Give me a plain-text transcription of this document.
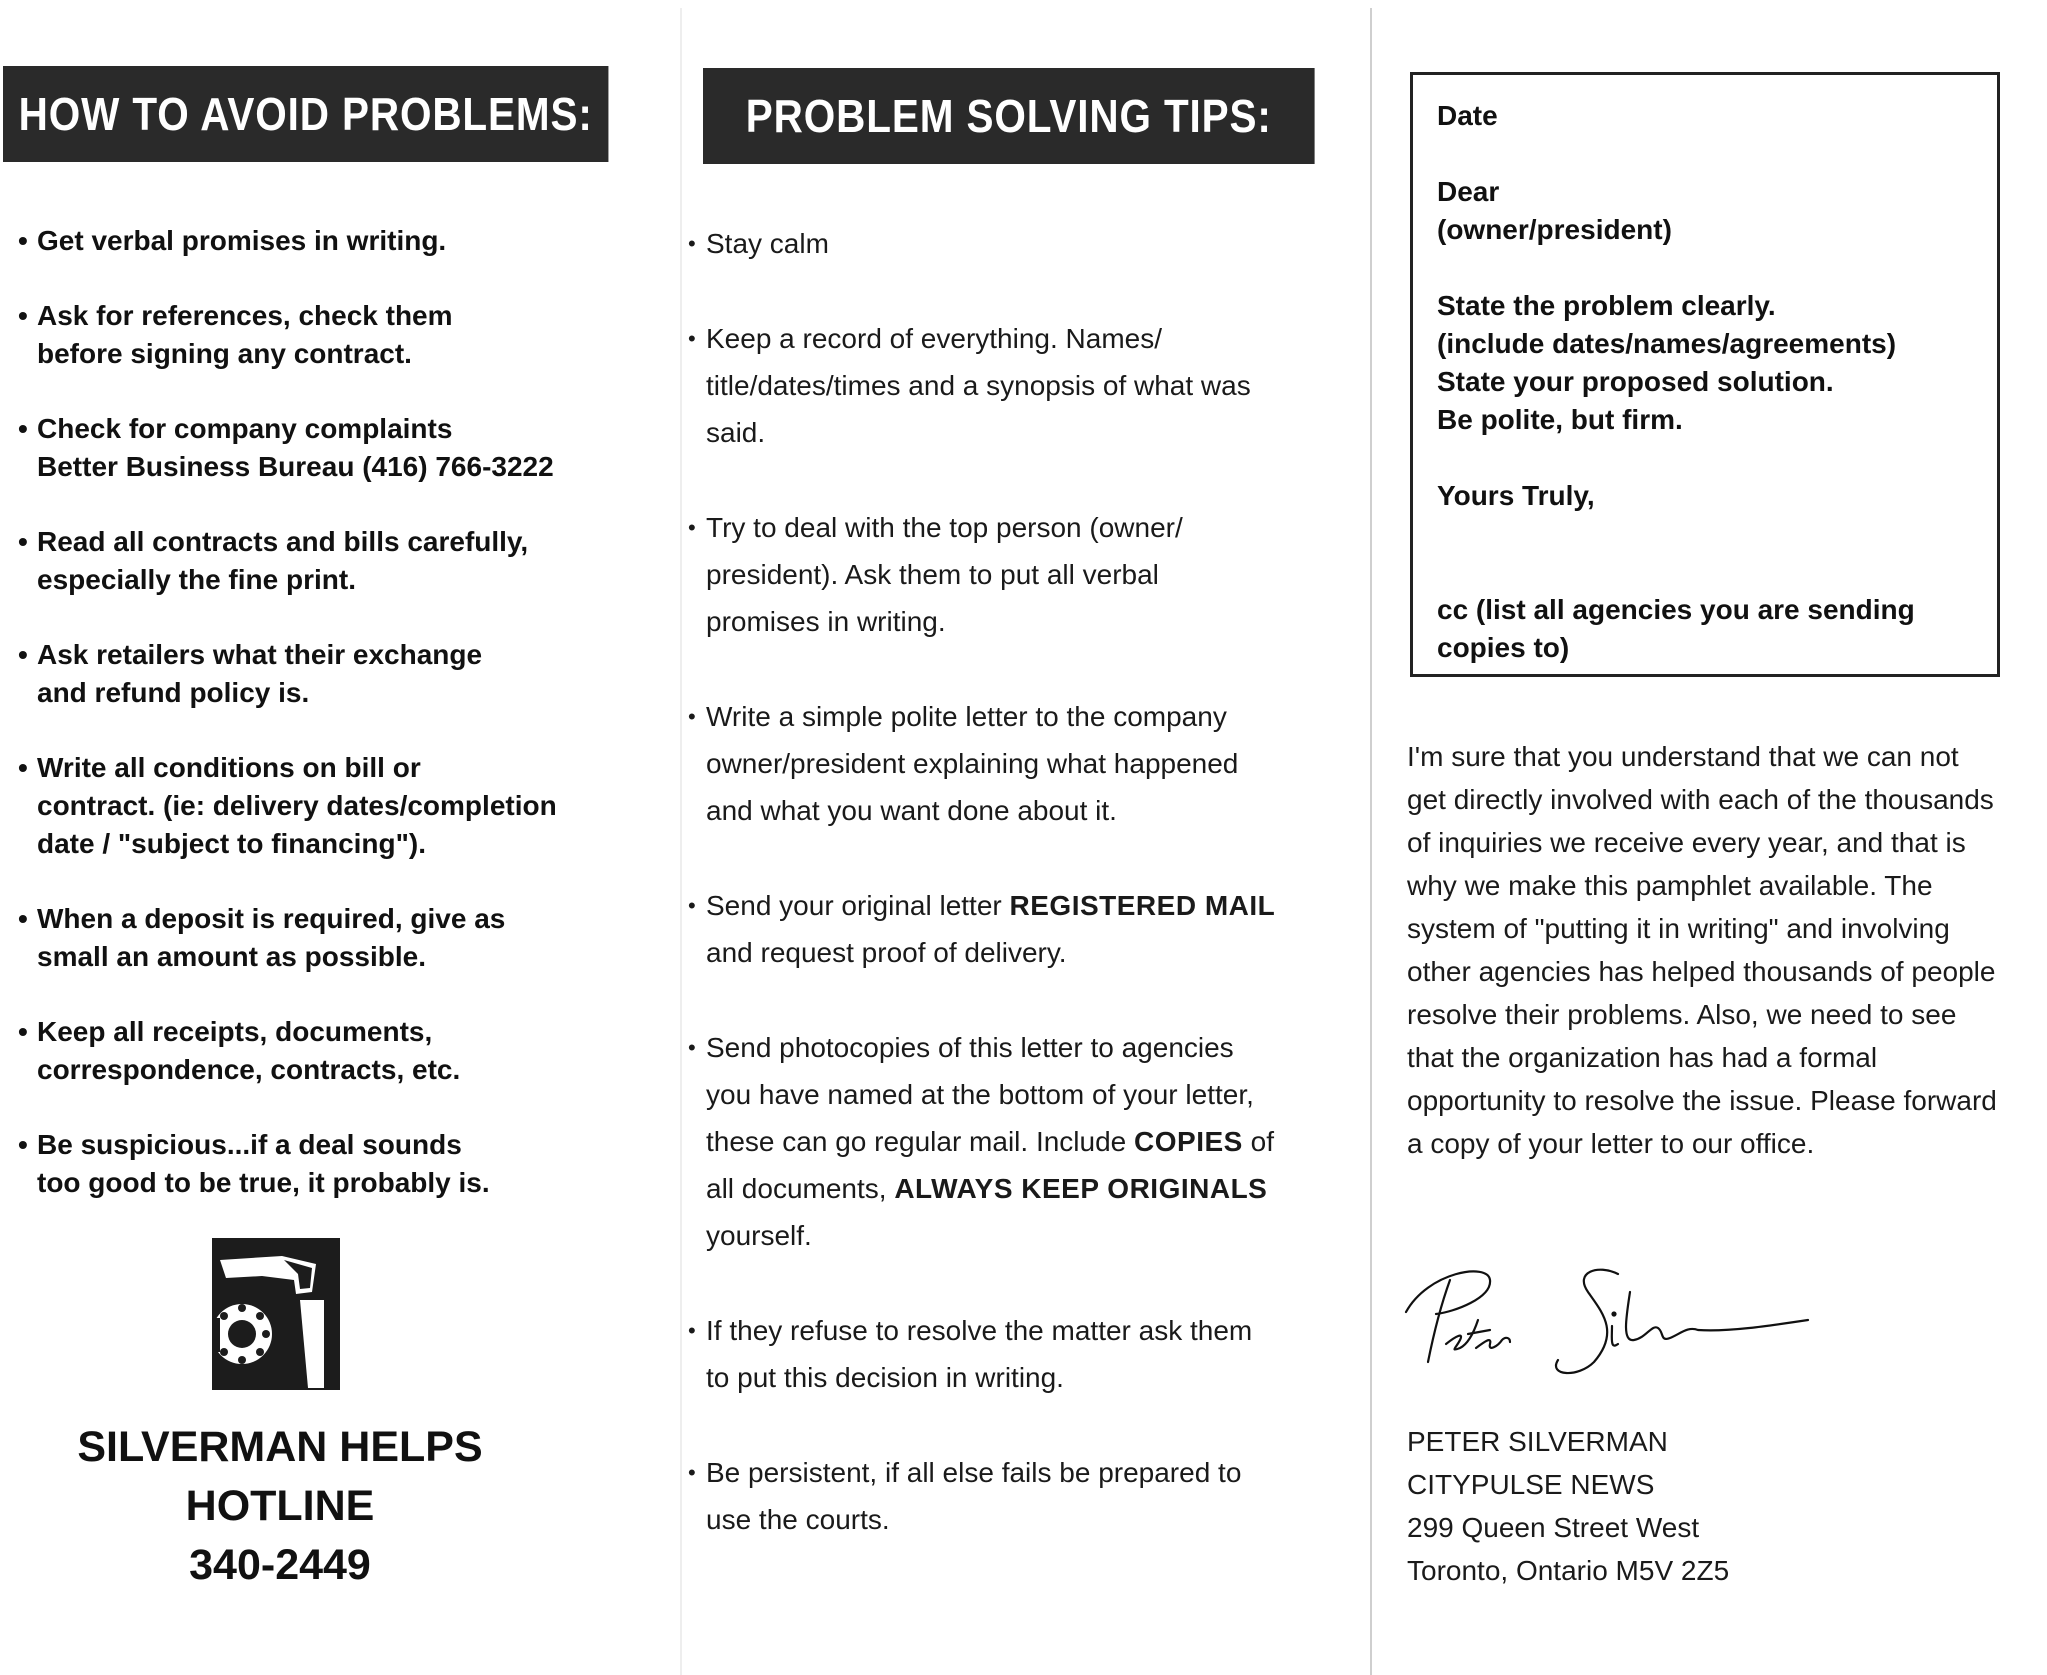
HOW TO AVOID PROBLEMS:
• Get verbal promises in writing.
• Ask for references, check them
before signing any contract.
• Check for company complaints
Better Business Bureau (416) 766-3222
• Read all contracts and bills carefully,
especially the fine print.
• Ask retailers what their exchange
and refund policy is.
• Write all conditions on bill or
contract. (ie: delivery dates/completion
date / "subject to financing").
• When a deposit is required, give as
small an amount as possible.
• Keep all receipts, documents,
correspondence, contracts, etc.
• Be suspicious...if a deal sounds
too good to be true, it probably is.
SILVERMAN HELPS
HOTLINE
340-2449
PROBLEM SOLVING TIPS:
• Stay calm
• Keep a record of everything. Names/ title/dates/times and a synopsis of what was said.
• Try to deal with the top person (owner/ president). Ask them to put all verbal promises in writing.
• Write a simple polite letter to the company owner/president explaining what happened and what you want done about it.
• Send your original letter REGISTERED MAIL and request proof of delivery.
• Send photocopies of this letter to agencies you have named at the bottom of your letter, these can go regular mail. Include COPIES of all documents, ALWAYS KEEP ORIGINALS yourself.
• If they refuse to resolve the matter ask them to put this decision in writing.
• Be persistent, if all else fails be prepared to use the courts.

Date

Dear

(owner/president)

State the problem clearly.

(include dates/names/agreements)

State your proposed solution.

Be polite, but firm.

Yours Truly,

cc (list all agencies you are sending copies to)

I'm sure that you understand that we can not get directly involved with each of the thousands of inquiries we receive every year, and that is why we make this pamphlet available. The system of "putting it in writing" and involving other agencies has helped thousands of people resolve their problems. Also, we need to see that the organization has had a formal opportunity to resolve the issue. Please forward a copy of your letter to our office.

PETER SILVERMAN
CITYPULSE NEWS
299 Queen Street West
Toronto, Ontario M5V 2Z5
